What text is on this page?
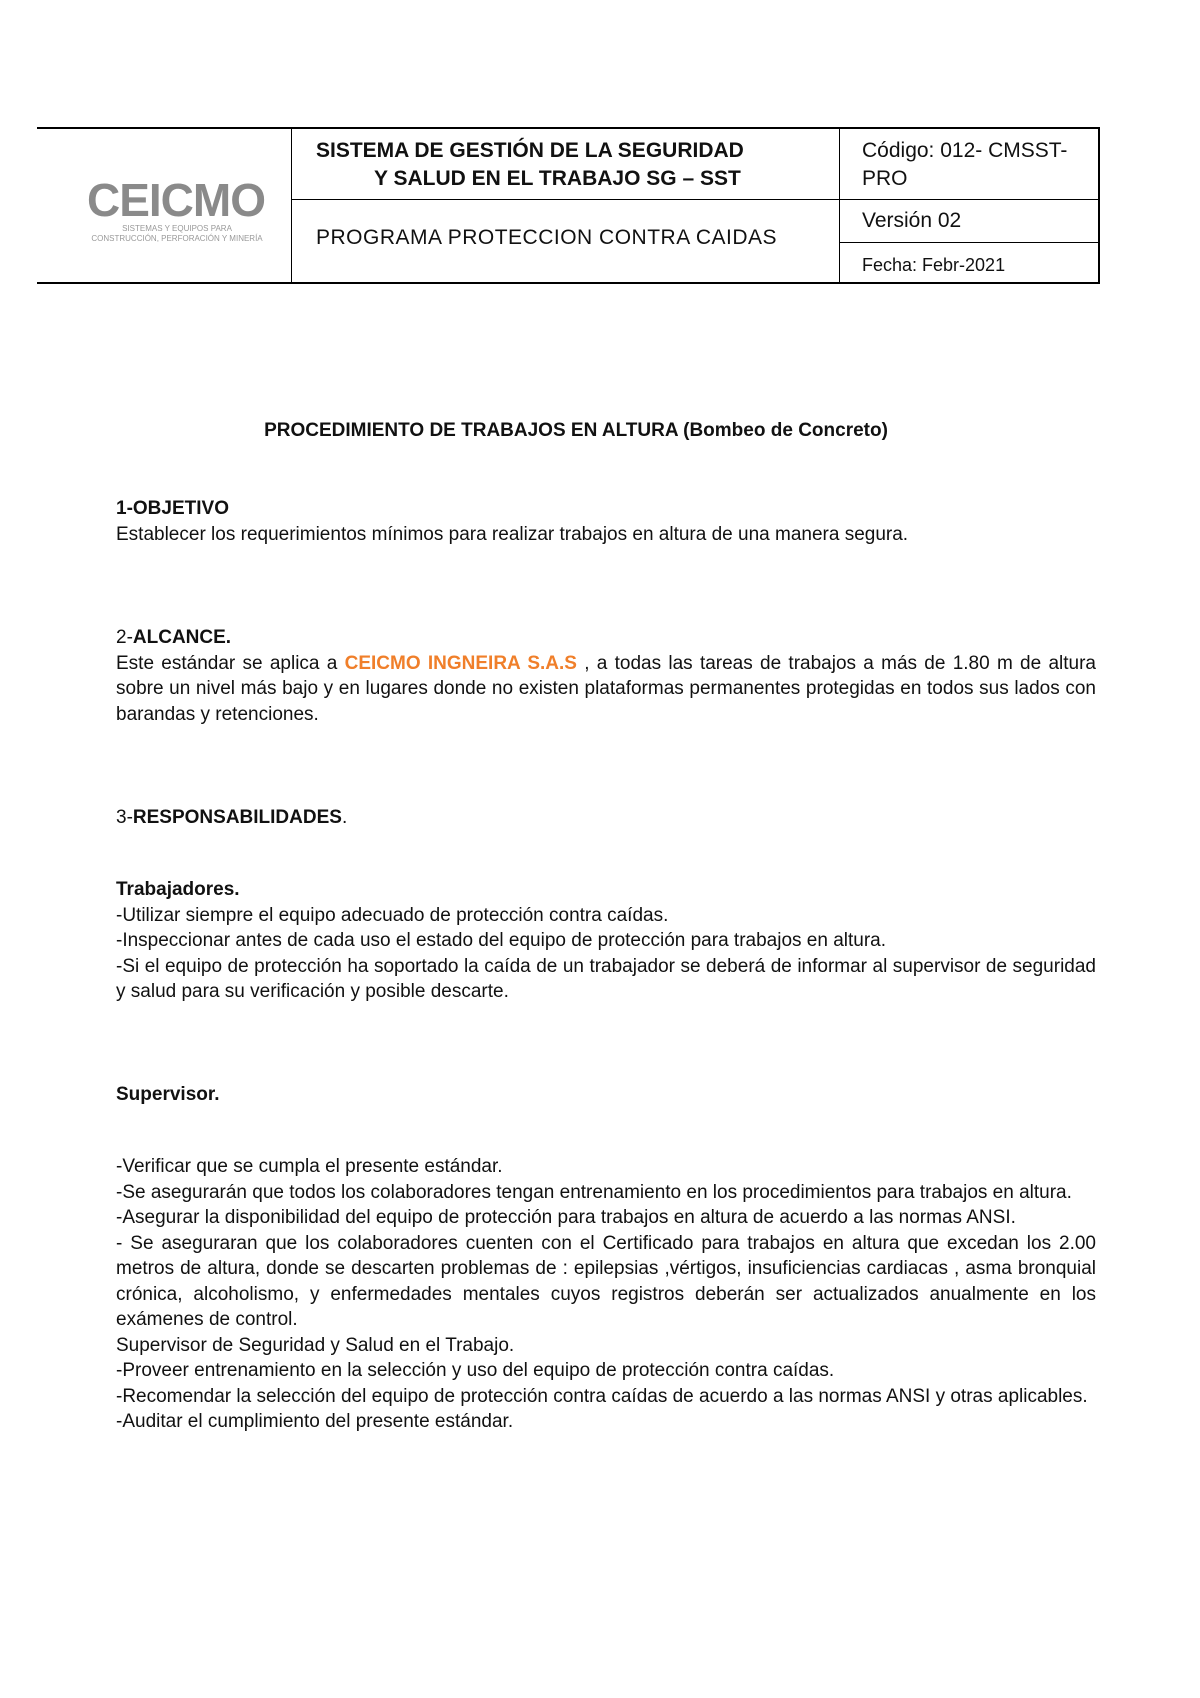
CEICMO
SISTEMAS Y EQUIPOS PARA
CONSTRUCCIÓN, PERFORACIÓN Y MINERÍA
SISTEMA DE GESTIÓN DE LA SEGURIDAD
Y SALUD EN EL TRABAJO SG – SST
PROGRAMA PROTECCION CONTRA CAIDAS
Código: 012- CMSST- PRO
Versión 02
Fecha: Febr-2021
PROCEDIMIENTO DE TRABAJOS EN ALTURA (Bombeo de Concreto)

1-OBJETIVO

Establecer los requerimientos mínimos para realizar trabajos en altura de una manera segura.

2-ALCANCE.

Este estándar se aplica a CEICMO INGNEIRA S.A.S , a todas las tareas de trabajos a más de 1.80 m de altura sobre un nivel más bajo y en lugares donde no existen plataformas permanentes protegidas en todos sus lados con barandas y retenciones.

3-RESPONSABILIDADES.

Trabajadores.

-Utilizar siempre el equipo adecuado de protección contra caídas.

-Inspeccionar antes de cada uso el estado del equipo de protección para trabajos en altura.

-Si el equipo de protección ha soportado la caída de un trabajador se deberá de informar al supervisor de seguridad y salud para su verificación y posible descarte.

Supervisor.

-Verificar que se cumpla el presente estándar.

-Se asegurarán que todos los colaboradores tengan entrenamiento en los procedimientos para trabajos en altura.

-Asegurar la disponibilidad del equipo de protección para trabajos en altura de acuerdo a las normas ANSI.

- Se aseguraran que los colaboradores cuenten con el Certificado para trabajos en altura que excedan los 2.00 metros de altura, donde se descarten problemas de : epilepsias ,vértigos, insuficiencias cardiacas , asma bronquial crónica, alcoholismo, y enfermedades mentales cuyos registros deberán ser actualizados anualmente en los exámenes de control.

Supervisor de Seguridad y Salud en el Trabajo.

-Proveer entrenamiento en la selección y uso del equipo de protección contra caídas.

-Recomendar la selección del equipo de protección contra caídas de acuerdo a las normas ANSI y otras aplicables.

-Auditar el cumplimiento del presente estándar.
